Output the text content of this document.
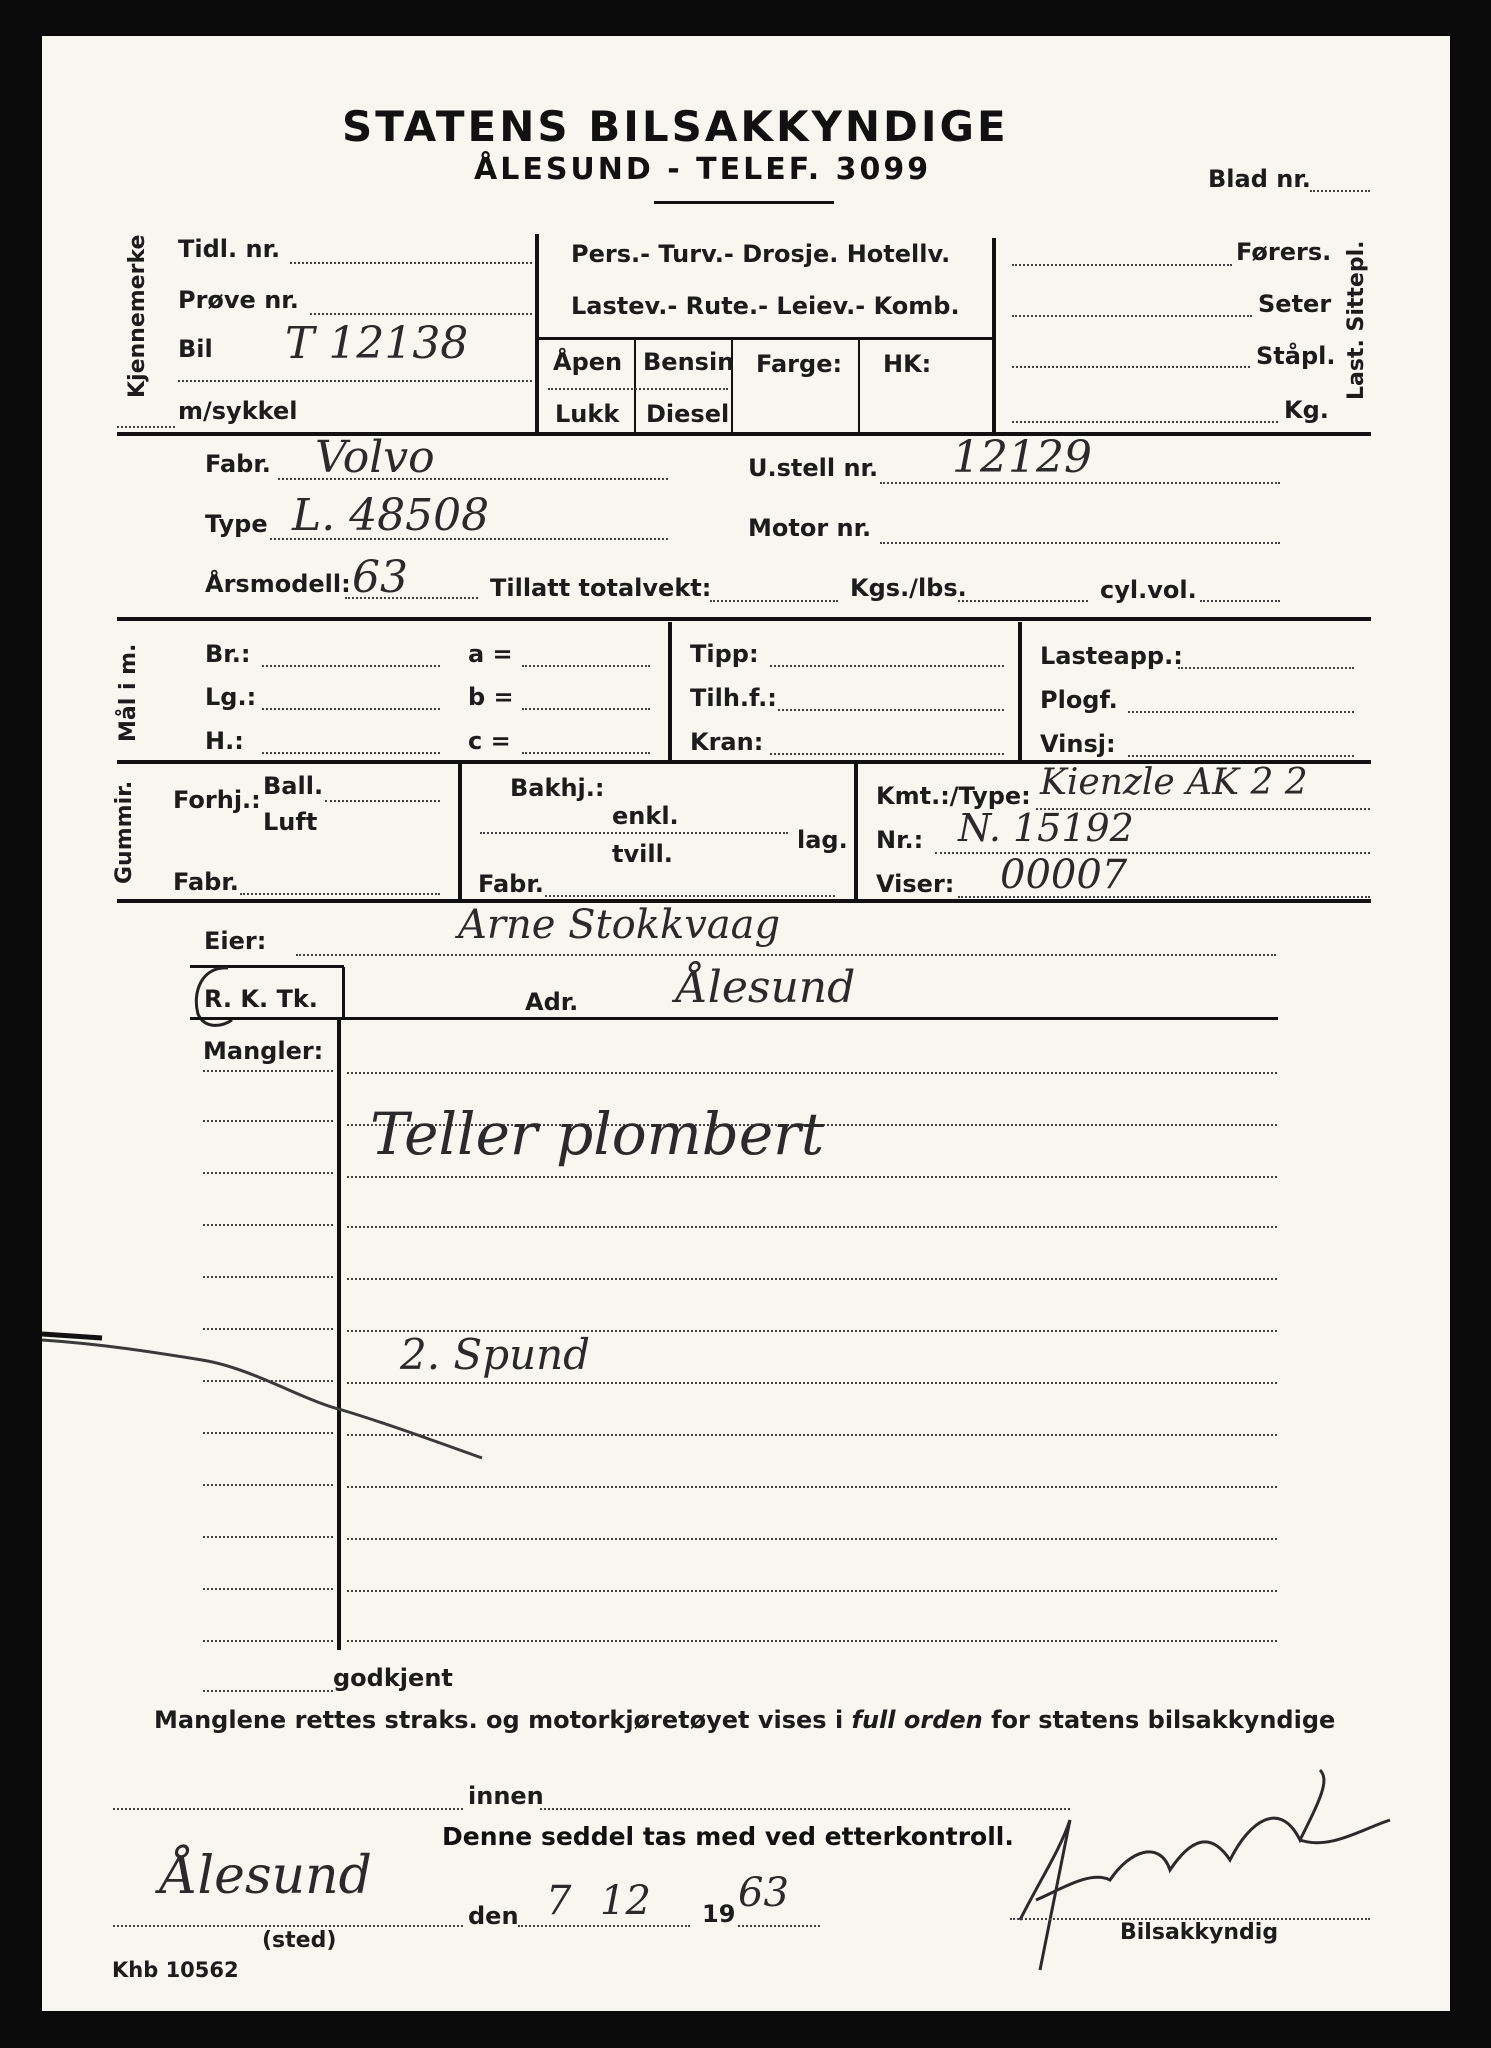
STATENS BILSAKKYNDIGE
ÅLESUND - TELEF. 3099	Blad nr.
Kjennemerke Tidl. nr.
Prøve nr.
Bil T 12138
m/sykkel
Pers.- Turv.- Drosje. Hotellv.
Lastev.- Rute.- Leiev.- Komb.
Åpen
Lukk
Bensin
Diesel
Farge: HK:
Førers.
Seter
Ståpl.
Kg.
Last. Sittepl.
Fabr. Volvo	U.stell nr. 12129
Type L. 48508	Motor nr.
Årsmodell: 63	Tillatt totalvekt:	Kgs./lbs.	cyl.vol.
Mål i m.	Br.:
Lg.:
H.:
a =
b =
c =
Tipp:
Tilh.f.:
Kran:
Lasteapp.:
Plogf.
Vinsj:
Gummir. Forhj.: Ball.
Luft
Fabr.
Bakhj.:
enkl.
tvill.	lag.
Fabr.
Kmt.:/Type: Kienzle AK 2 2
Nr.: N. 15192
Viser: 00007
Eier:	Arne Stokkvaag
R. K. Tk.	Adr. Ålesund
Mangler:
Teller plombert
2. Spund
godkjent
Manglene rettes straks. og motorkjøretøyet vises i full orden for statens bilsakkyndige
innen
Denne seddel tas med ved etterkontroll.
Ålesund
(sted)
den 7 12 19 63
Bilsakkyndig
Khb 10562
